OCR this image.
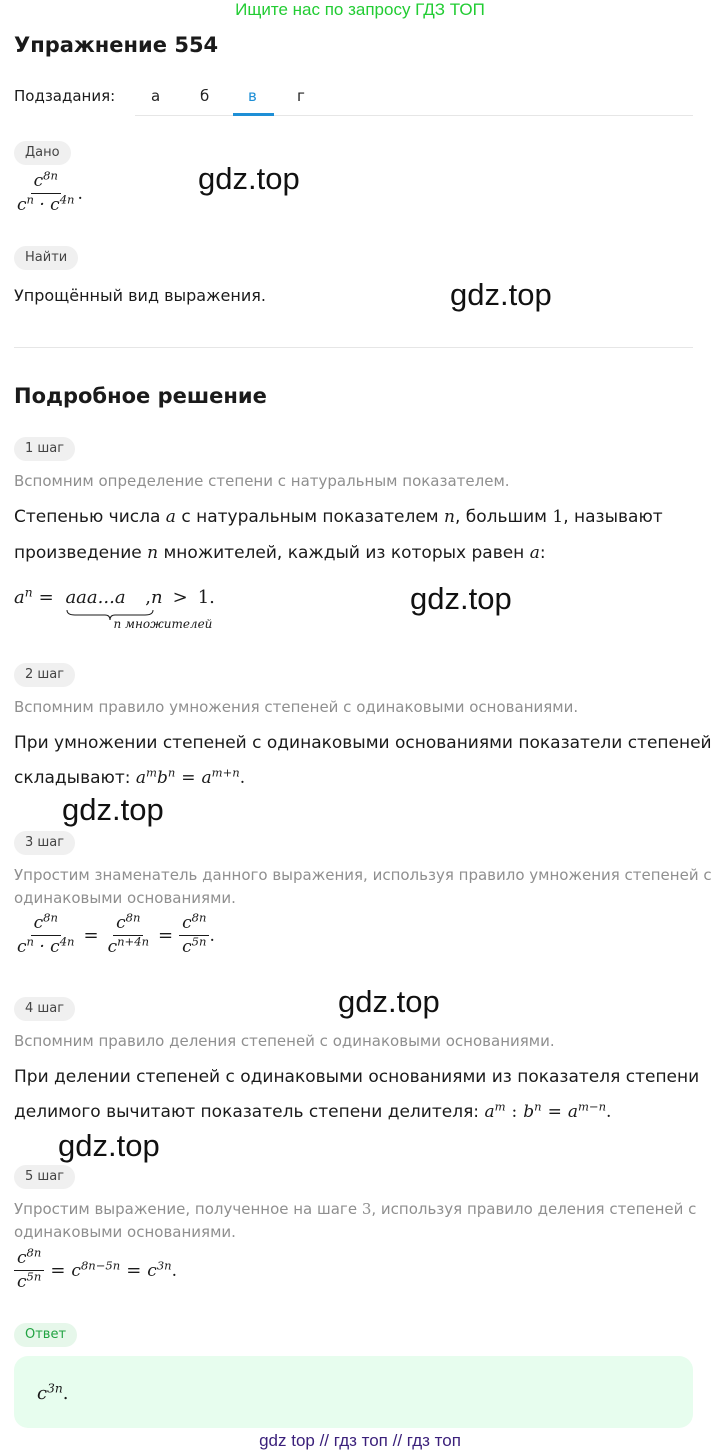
Ищите нас по запросу ГДЗ ТОП
Упражнение 554
Подзадания: а	б	в	г
Дано
$\frac{c^{8n}}{c^n \cdot c^{4n}}$ .	gdz.top
Найти
Упрощённый вид выражения.	gdz.top
Подробное решение
1 шаг
Вспомним определение степени с натуральным показателем.
Степенью числа a с натуральным показателем n, большим 1, называют
произведение n множителей, каждый из которых равен a:
$a^n = aaa...a$
n множителей
,n > 1.	gdz.top
2 шаг
Вспомним правило умножения степеней с одинаковыми основаниями.
При умножении степеней с одинаковыми основаниями показатели степеней
складывают: $a^mb^n = a^{m+n}$.
gdz.top
3 шаг
Упростим знаменатель данного выражения, используя правило умножения степеней с
одинаковыми основаниями.
$\frac{c^{8n}}{c^n \cdot c^{4n}} = \frac{c^{8n}}{c^{n+4n}} = \frac{c^{8n}}{c^{5n}}$ .
gdz.top
4 шаг
Вспомним правило деления степеней с одинаковыми основаниями.
При делении степеней с одинаковыми основаниями из показателя степени
делимого вычитают показатель степени делителя: $a^m$ : $b^n = a^{m-n}$.
gdz.top
5 шаг
Упростим выражение, полученное на шаге 3, используя правило деления степеней с
одинаковыми основаниями.
$\frac{c^{8n}}{c^{5n}} = c^{8n-5n} = c^{3n}$ .
Ответ
$c^{3n}$.
gdz top // гдз топ // гдз топ
